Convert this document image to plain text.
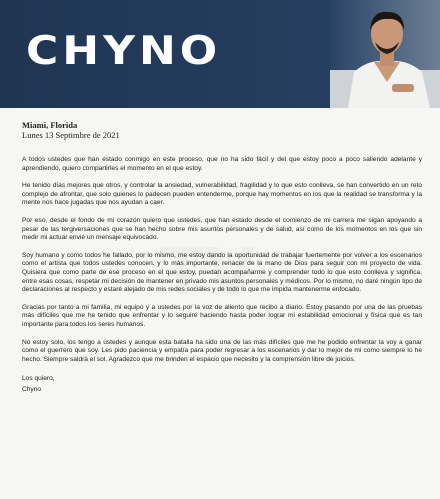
CHYNO
TV
Miami, Florida
Lunes 13 Septimbre de 2021

A todos ustedes que han estado conmigo en este proceso, que no ha sido fácil y del que estoy poco a poco saliendo adelante y aprendiendo, quiero compartirles el momento en el que estoy.

He tenido días mejores que otros, y controlar la ansiedad, vulnerabilidad, fragilidad y lo que esto conlleva, se han convertido en un reto complejo de afrontar, que solo quienes lo padecen pueden entenderme, porque hay momentos en los que la realidad se transforma y la mente nos hace jugadas que nos ayudan a caer.

Por eso, desde el fondo de mi corazón quiero que ustedes, que han estado desde el comienzo de mi carrera me sigan apoyando a pesar de las tergiversaciones que se han hecho sobre mis asuntos personales y de salud, así como de los momentos en los que sin medir mi actuar envié un mensaje equivocado.

Soy humano y como todos he fallado, por lo mismo, me estoy dando la oportunidad de trabajar fuertemente por volver a los escenarios como el artista que todos ustedes conocen, y lo más importante, renacer de la mano de Dios para seguir con mi proyecto de vida. Quisiera que como parte de ese proceso en el que estoy, puedan acompañarme y comprender todo lo que esto conlleva y significa, entre esas cosas, respetar mi decisión de mantener en privado mis asuntos personales y médicos. Por lo mismo, no daré ningún tipo de declaraciones al respecto y estaré alejado de mis redes sociales y de todo lo que me impida mantenerme enfocado.

Gracias por tanto a mi familia, mi equipo y a ustedes por la voz de aliento que recibo a diario. Estoy pasando por una de las pruebas más difíciles que me he tenido que enfrentar y lo seguiré haciendo hasta poder lograr mi estabilidad emocional y física que es tan importante para todos los seres humanos.

No estoy solo, los tengo a ustedes y aunque esta batalla ha sido una de las más difíciles que me he podido enfrentar la voy a ganar como el guerrero que soy. Les pido paciencia y empatía para poder regresar a los escenarios y dar lo mejor de mi como siempre lo he hecho. Siempre saldrá el sol. Agradezco que me brinden el espacio que necesito y la comprensión libre de juicios.

Los quiero,
Chyno
